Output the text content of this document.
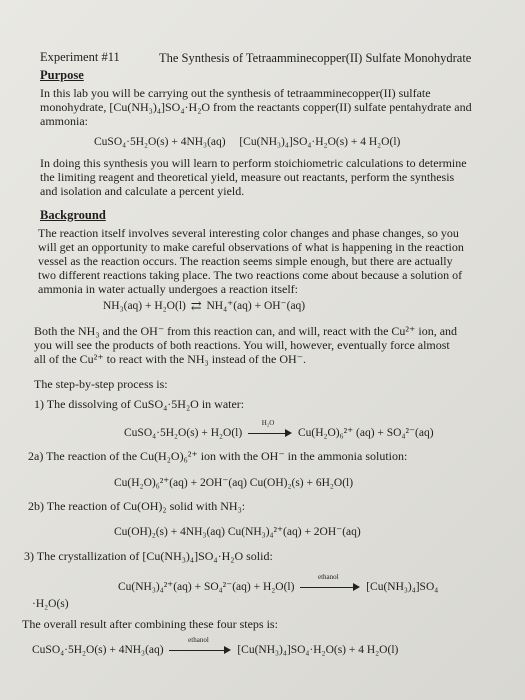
Experiment #11	The Synthesis of Tetraamminecopper(II) Sulfate Monohydrate
Purpose
In this lab you will be carrying out the synthesis of tetraamminecopper(II) sulfate
monohydrate, [Cu(NH₃)₄]SO₄·H₂O from the reactants copper(II) sulfate pentahydrate and
ammonia:
CuSO₄·5H₂O(s) + 4NH₃(aq) [Cu(NH₃)₄]SO₄·H₂O(s) + 4 H₂O(l)
In doing this synthesis you will learn to perform stoichiometric calculations to determine
the limiting reagent and theoretical yield, measure out reactants, perform the synthesis
and isolation and calculate a percent yield.
Background
The reaction itself involves several interesting color changes and phase changes, so you
will get an opportunity to make careful observations of what is happening in the reaction
vessel as the reaction occurs. The reaction seems simple enough, but there are actually
two different reactions taking place. The two reactions come about because a solution of
ammonia in water actually undergoes a reaction itself:
NH₃(aq) + H₂O(l) ⇄ NH₄⁺(aq) + OH⁻(aq)
Both the NH₃ and the OH⁻ from this reaction can, and will, react with the Cu²⁺ ion, and
you will see the products of both reactions. You will, however, eventually force almost
all of the Cu²⁺ to react with the NH₃ instead of the OH⁻.
The step-by-step process is:
1) The dissolving of CuSO₄·5H₂O in water:
CuSO₄·5H₂O(s) + H₂O(l)
H₂O
Cu(H₂O)₆²⁺ (aq) + SO₄²⁻(aq)
2a) The reaction of the Cu(H₂O)₆²⁺ ion with the OH⁻ in the ammonia solution:
Cu(H₂O)₆²⁺(aq) + 2OH⁻(aq) Cu(OH)₂(s) + 6H₂O(l)
2b) The reaction of Cu(OH)₂ solid with NH₃:
Cu(OH)₂(s) + 4NH₃(aq) Cu(NH₃)₄²⁺(aq) + 2OH⁻(aq)
3) The crystallization of [Cu(NH₃)₄]SO₄·H₂O solid:
Cu(NH₃)₄²⁺(aq) + SO₄²⁻(aq) + H₂O(l)
ethanol
[Cu(NH₃)₄]SO₄
·H₂O(s)
The overall result after combining these four steps is:
CuSO₄·5H₂O(s) + 4NH₃(aq)
ethanol
[Cu(NH₃)₄]SO₄·H₂O(s) + 4 H₂O(l)
